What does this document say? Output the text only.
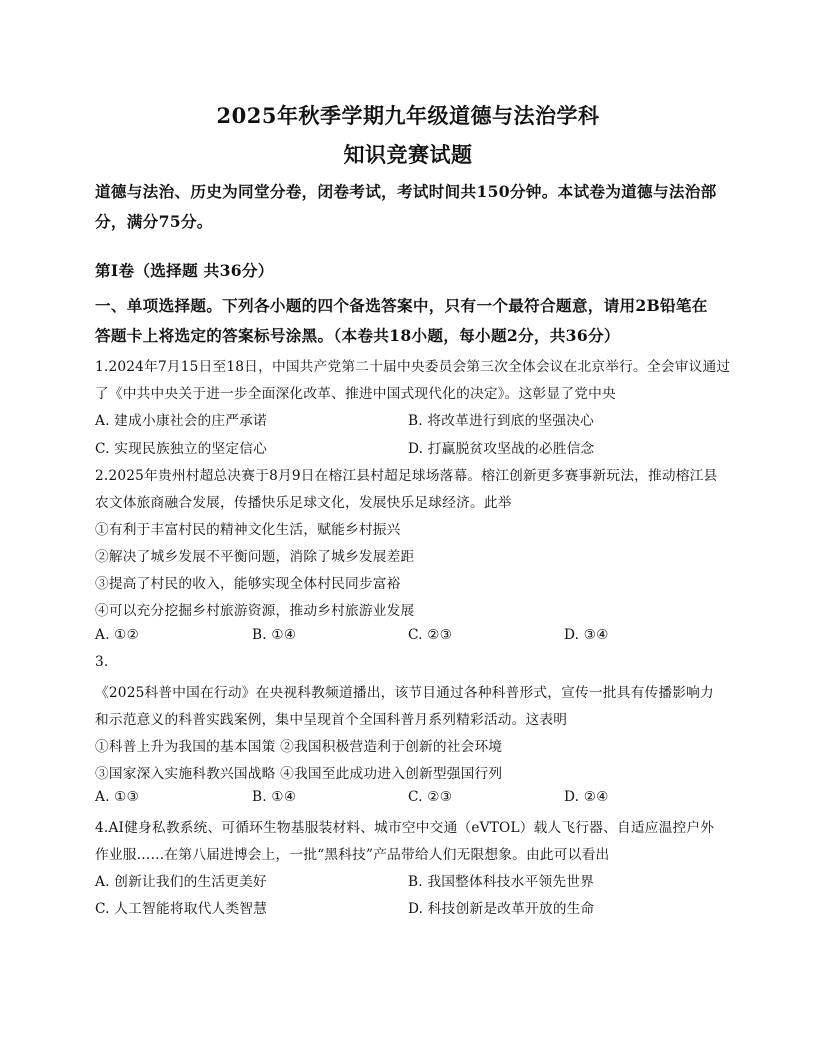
2025年秋季学期九年级道德与法治学科
知识竞赛试题
道德与法治、历史为同堂分卷，闭卷考试，考试时间共150分钟。本试卷为道德与法治部
分，满分75分。
第Ⅰ卷（选择题 共36分）
一、单项选择题。下列各小题的四个备选答案中，只有一个最符合题意，请用2B铅笔在
答题卡上将选定的答案标号涂黑。（本卷共18小题，每小题2分，共36分）
1.2024年7月15日至18日，中国共产党第二十届中央委员会第三次全体会议在北京举行。全会审议通过
了《中共中央关于进一步全面深化改革、推进中国式现代化的决定》。这彰显了党中央
A. 建成小康社会的庄严承诺	B. 将改革进行到底的坚强决心
C. 实现民族独立的坚定信心	D. 打赢脱贫攻坚战的必胜信念
2.2025年贵州村超总决赛于8月9日在榕江县村超足球场落幕。榕江创新更多赛事新玩法，推动榕江县
农文体旅商融合发展，传播快乐足球文化，发展快乐足球经济。此举
①有利于丰富村民的精神文化生活，赋能乡村振兴
②解决了城乡发展不平衡问题，消除了城乡发展差距
③提高了村民的收入，能够实现全体村民同步富裕
④可以充分挖掘乡村旅游资源，推动乡村旅游业发展
A. ①②	B. ①④	C. ②③	D. ③④
3.
《2025科普中国在行动》在央视科教频道播出，该节目通过各种科普形式，宣传一批具有传播影响力
和示范意义的科普实践案例，集中呈现首个全国科普月系列精彩活动。这表明
①科普上升为我国的基本国策 ②我国积极营造利于创新的社会环境
③国家深入实施科教兴国战略 ④我国至此成功进入创新型强国行列
A. ①③	B. ①④	C. ②③	D. ②④
4.AI健身私教系统、可循环生物基服装材料、城市空中交通（eVTOL）载人飞行器、自适应温控户外
作业服……在第八届进博会上，一批“黑科技”产品带给人们无限想象。由此可以看出
A. 创新让我们的生活更美好	B. 我国整体科技水平领先世界
C. 人工智能将取代人类智慧	D. 科技创新是改革开放的生命
